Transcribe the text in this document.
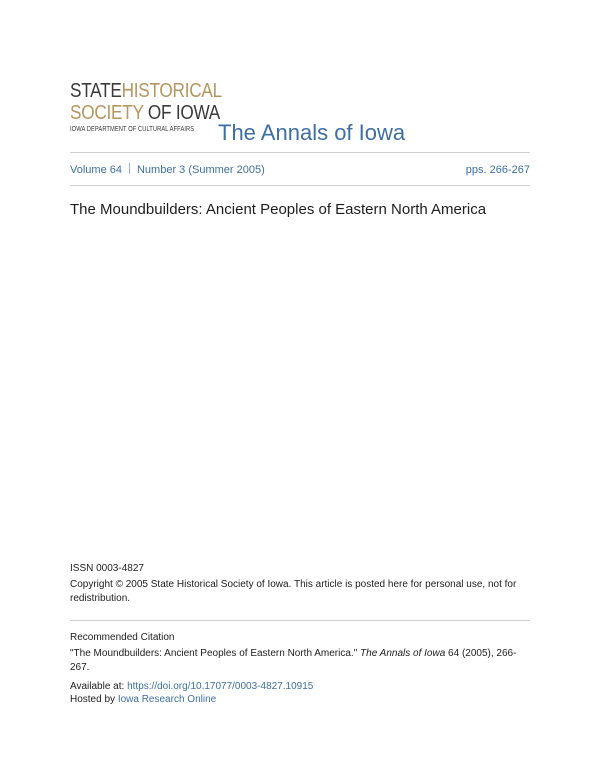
STATEHISTORICAL
SOCIETY OF IOWA
IOWA DEPARTMENT OF CULTURAL AFFAIRS The Annals of Iowa
Volume 64 Number 3 (Summer 2005)	pps. 266-267
The Moundbuilders: Ancient Peoples of Eastern North America
ISSN 0003-4827
Copyright © 2005 State Historical Society of Iowa. This article is posted here for personal use, not for redistribution.
Recommended Citation
"The Moundbuilders: Ancient Peoples of Eastern North America." The Annals of Iowa 64 (2005), 266-267.
Available at: https://doi.org/10.17077/0003-4827.10915
Hosted by Iowa Research Online
